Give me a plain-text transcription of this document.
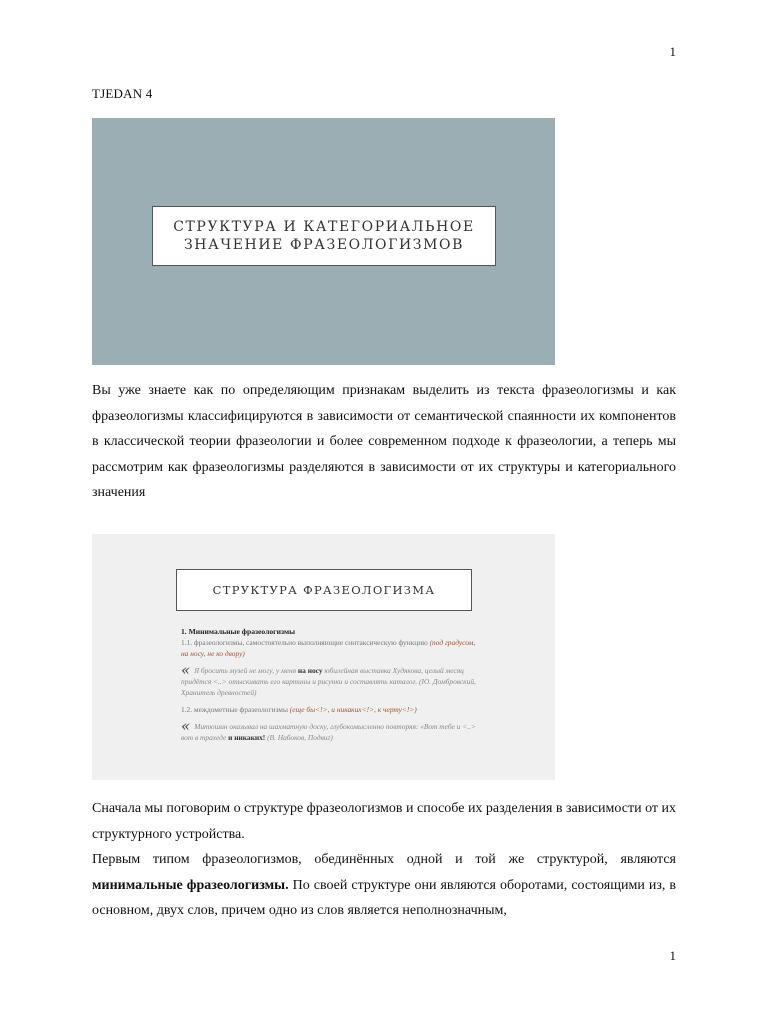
1
TJEDAN 4
СТРУКТУРА И КАТЕГОРИАЛЬНОЕ
ЗНАЧЕНИЕ ФРАЗЕОЛОГИЗМОВ

Вы уже знаете как по определяющим признакам выделить из текста фразеологизмы и как фразеологизмы классифицируются в зависимости от семантической спаянности их компонентов в классической теории фразеологии и более современном подходе к фразеологии, а теперь мы рассмотрим как фразеологизмы разделяются в зависимости от их структуры и категориального значения

СТРУКТУРА ФРАЗЕОЛОГИЗМА
1. Минимальные фразеологизмы
1.1. фразеологизмы, самостоятельно выполняющие синтаксическую функцию (под градусом, на носу, не ко двору)
« Я бросить музей не могу, у меня на носу юбилейная выставка Худякова, целый месяц придётся <..> отыскивать его картины и рисунки и составлять каталог. (Ю. Домбровский, Хранитель древностей)
1.2. междометные фразеологизмы (еще бы<!>, и никаких<!>, к черту<!>)
« Митюшин оказывал на шахматную доску, глубокомысленно повторяя: «Вот тебе и <..> вот в трахеде и никаких! (В. Набоков, Подвиг)

Сначала мы поговорим о структуре фразеологизмов и способе их разделения в зависимости от их структурного устройства.

Первым типом фразеологизмов, обединённых одной и той же структурой, являются минимальные фразеологизмы. По своей структуре они являются оборотами, состоящими из, в основном, двух слов, причем одно из слов является неполнозначным,

1
